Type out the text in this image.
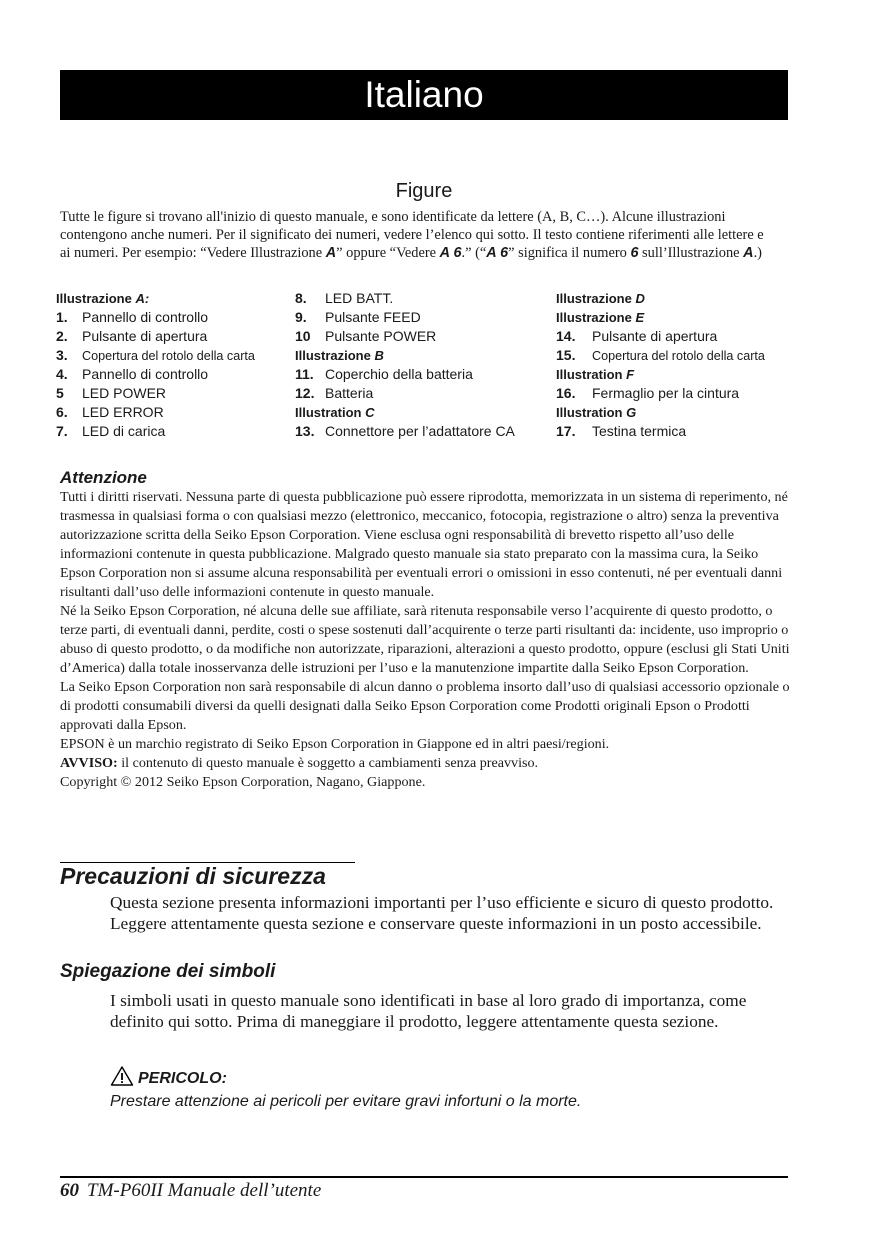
Italiano
Figure
Tutte le figure si trovano all'inizio di questo manuale, e sono identificate da lettere (A, B, C…). Alcune illustrazioni contengono anche numeri. Per il significato dei numeri, vedere l’elenco qui sotto. Il testo contiene riferimenti alle lettere e ai numeri. Per esempio: “Vedere Illustrazione A” oppure “Vedere A 6.” (“A 6” significa il numero 6 sull’Illustrazione A.)
Illustrazione A:
1. Pannello di controllo
2. Pulsante di apertura
3. Copertura del rotolo della carta
4. Pannello di controllo
5 LED POWER
6. LED ERROR
7. LED di carica
8. LED BATT.
9. Pulsante FEED
10 Pulsante POWER
Illustrazione B
11. Coperchio della batteria
12. Batteria
Illustration C
13. Connettore per l’adattatore CA
Illustrazione D
Illustrazione E
14. Pulsante di apertura
15. Copertura del rotolo della carta
Illustration F
16. Fermaglio per la cintura
Illustration G
17. Testina termica
Attenzione

Tutti i diritti riservati. Nessuna parte di questa pubblicazione può essere riprodotta, memorizzata in un sistema di reperimento, né trasmessa in qualsiasi forma o con qualsiasi mezzo (elettronico, meccanico, fotocopia, registrazione o altro) senza la preventiva autorizzazione scritta della Seiko Epson Corporation. Viene esclusa ogni responsabilità di brevetto rispetto all’uso delle informazioni contenute in questa pubblicazione. Malgrado questo manuale sia stato preparato con la massima cura, la Seiko Epson Corporation non si assume alcuna responsabilità per eventuali errori o omissioni in esso contenuti, né per eventuali danni risultanti dall’uso delle informazioni contenute in questo manuale.

Né la Seiko Epson Corporation, né alcuna delle sue affiliate, sarà ritenuta responsabile verso l’acquirente di questo prodotto, o terze parti, di eventuali danni, perdite, costi o spese sostenuti dall’acquirente o terze parti risultanti da: incidente, uso improprio o abuso di questo prodotto, o da modifiche non autorizzate, riparazioni, alterazioni a questo prodotto, oppure (esclusi gli Stati Uniti d’America) dalla totale inosservanza delle istruzioni per l’uso e la manutenzione impartite dalla Seiko Epson Corporation.

La Seiko Epson Corporation non sarà responsabile di alcun danno o problema insorto dall’uso di qualsiasi accessorio opzionale o di prodotti consumabili diversi da quelli designati dalla Seiko Epson Corporation come Prodotti originali Epson o Prodotti approvati dalla Epson.

EPSON è un marchio registrato di Seiko Epson Corporation in Giappone ed in altri paesi/regioni.

AVVISO: il contenuto di questo manuale è soggetto a cambiamenti senza preavviso.

Copyright © 2012 Seiko Epson Corporation, Nagano, Giappone.

Precauzioni di sicurezza

Questa sezione presenta informazioni importanti per l’uso efficiente e sicuro di questo prodotto. Leggere attentamente questa sezione e conservare queste informazioni in un posto accessibile.

Spiegazione dei simboli

I simboli usati in questo manuale sono identificati in base al loro grado di importanza, come definito qui sotto. Prima di maneggiare il prodotto, leggere attentamente questa sezione.

PERICOLO:
Prestare attenzione ai pericoli per evitare gravi infortuni o la morte.
60 TM-P60II Manuale dell’utente
